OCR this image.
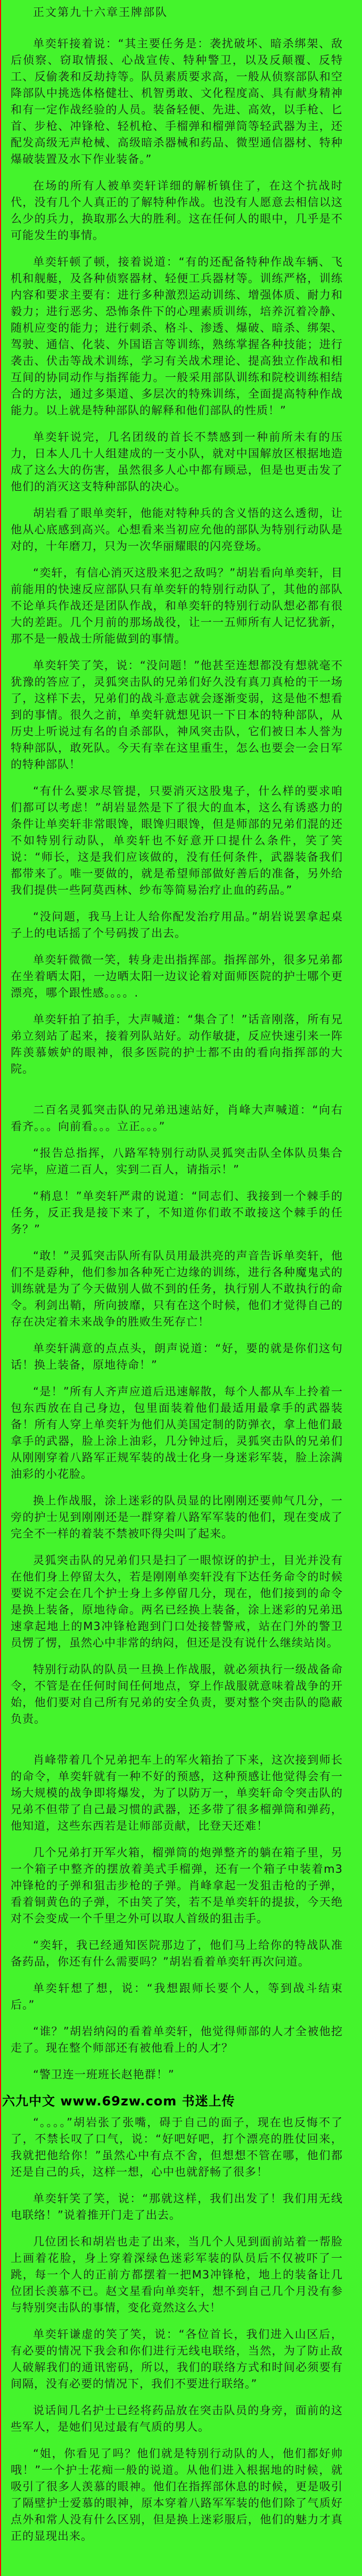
正文第九十六章王牌部队

单奕轩接着说：“其主要任务是：袭扰破坏、暗杀绑架、敌后侦察、窃取情报、心战宣传、特种警卫，以及反颠覆、反特工、反偷袭和反劫持等。队员素质要求高，一般从侦察部队和空降部队中挑选体格健壮、机智勇敢、文化程度高、具有献身精神和有一定作战经验的人员。装备轻便、先进、高效，以手枪、匕首、步枪、冲锋枪、轻机枪、手榴弹和榴弹筒等轻武器为主，还配发高级无声枪械、高级暗杀器械和药品、微型通信器材、特种爆破装置及水下作业装备。”

在场的所有人被单奕轩详细的解析镇住了，在这个抗战时代，没有几个人真正的了解特种作战。也没有人愿意去相信以这么少的兵力，换取那么大的胜利。这在任何人的眼中，几乎是不可能发生的事情。

单奕轩顿了顿，接着说道：“有的还配备特种作战车辆、飞机和舰艇，及各种侦察器材、轻便工兵器材等。训练严格，训练内容和要求主要有：进行多种激烈运动训练、增强体质、耐力和毅力；进行恶劣、恐怖条件下的心理素质训练，培养沉着冷静、随机应变的能力；进行刺杀、格斗、渗透、爆破、暗杀、绑架、驾驶、通信、化装、外国语言等训练，熟练掌握各种技能；进行袭击、伏击等战术训练，学习有关战术理论、提高独立作战和相互间的协同动作与指挥能力。一般采用部队训练和院校训练相结合的方法，通过多渠道、多层次的特殊训练，全面提高特种作战能力。以上就是特种部队的解释和他们部队的性质！”

单奕轩说完，几名团级的首长不禁感到一种前所未有的压力，日本人几十人组建成的一支小队，就对中国解放区根据地造成了这么大的伤害，虽然很多人心中都有顾忌，但是也更击发了他们的消灭这支特种部队的决心。

胡岩看了眼单奕轩，他能对特种兵的含义悟的这么透彻，让他从心底感到高兴。心想看来当初应允他的部队为特别行动队是对的，十年磨刀，只为一次华丽耀眼的闪亮登场。

“奕轩，有信心消灭这股来犯之敌吗？”胡岩看向单奕轩，目前能用的快速反应部队只有单奕轩的特别行动队了，其他的部队不论单兵作战还是团队作战，和单奕轩的特别行动队想必都有很大的差距。几个月前的那场战役，让一一五师所有人记忆犹新，那不是一般战士所能做到的事情。

单奕轩笑了笑，说：“没问题！”他甚至连想都没有想就毫不犹豫的答应了，灵狐突击队的兄弟们好久没有真刀真枪的干一场了，这样下去，兄弟们的战斗意志就会逐渐变弱，这是他不想看到的事情。很久之前，单奕轩就想见识一下日本的特种部队，从历史上听说过有名的自杀部队，神风突击队，它们被日本人誉为特种部队，敢死队。今天有幸在这里重生，怎么也要会一会日军的特种部队！

“有什么要求尽管提，只要消灭这股鬼子，什么样的要求咱们都可以考虑！”胡岩显然是下了很大的血本，这么有诱惑力的条件让单奕轩非常眼馋，眼馋归眼馋，但是师部的兄弟们混的还不如特别行动队，单奕轩也不好意开口提什么条件，笑了笑说：“师长，这是我们应该做的，没有任何条件，武器装备我们都带来了。唯一要做的，就是希望师部做好善后的准备，另外给我们提供一些阿莫西林、纱布等简易治疗止血的药品。”

“没问题，我马上让人给你配发治疗用品。”胡岩说罢拿起桌子上的电话摇了个号码拨了出去。

单奕轩微微一笑，转身走出指挥部。指挥部外，很多兄弟都在坐着晒太阳，一边晒太阳一边议论着对面师医院的护士哪个更漂亮，哪个跟性感。。。。.

单奕轩拍了拍手，大声喊道：“集合了！”话音刚落，所有兄弟立刻站了起来，接着列队站好。动作敏捷，反应快速引来一阵阵羡慕嫉妒的眼神，很多医院的护士都不由的看向指挥部的大院。

二百名灵狐突击队的兄弟迅速站好，肖峰大声喊道：“向右看齐。。。向前看。。。立正。。。”

“报告总指挥，八路军特别行动队灵狐突击队全体队员集合完毕，应道二百人，实到二百人，请指示！”

“稍息！”单奕轩严肃的说道：“同志们、我接到一个棘手的任务，反正我是接下来了，不知道你们敢不敢接这个棘手的任务？”

“敢！”灵狐突击队所有队员用最洪亮的声音告诉单奕轩，他们不是孬种，他们参加各种死亡边缘的训练，进行各种魔鬼式的训练就是为了今天做别人做不到的任务，执行别人不敢执行的命令。利剑出鞘，所向披靡，只有在这个时候，他们才觉得自己的存在决定着未来战争的胜败生死存亡！

单奕轩满意的点点头，朗声说道：“好，要的就是你们这句话！换上装备，原地待命！”

“是！”所有人齐声应道后迅速解散，每个人都从车上拎着一包东西放在自己身边，包里面装着他们最适用最拿手的武器装备！所有人穿上单奕轩为他们从美国定制的防弹衣，拿上他们最拿手的武器，脸上涂上油彩，几分钟过后，灵狐突击队的兄弟们从刚刚穿着八路军正规军装的战士化身一身迷彩军装，脸上涂满油彩的小花脸。

换上作战服，涂上迷彩的队员显的比刚刚还要帅气几分，一旁的护士见到刚刚还是一群穿着八路军军装的他们，现在变成了完全不一样的着装不禁被吓得尖叫了起来。

灵狐突击队的兄弟们只是扫了一眼惊讶的护士，目光并没有在他们身上停留太久，若是刚刚单奕轩没有下达任务命令的时候要说不定会在几个护士身上多停留几分，现在，他们接到的命令是换上装备，原地待命。两名已经换上装备，涂上迷彩的兄弟迅速拿起地上的M3冲锋枪跑到门口处接替警戒，站在门外的警卫员愣了愣，虽然心中非常的纳闷，但还是没有说什么继续站岗。

特别行动队的队员一旦换上作战服，就必须执行一级战备命令，不管是在任何时间任何地点，穿上作战服就意味着战争的开始，他们要对自己所有兄弟的安全负责，要对整个突击队的隐蔽负责。

肖峰带着几个兄弟把车上的军火箱抬了下来，这次接到师长的命令，单奕轩就有一种不好的预感，这种预感让他觉得会有一场大规模的战争即将爆发，为了以防万一，单奕轩命令突击队的兄弟不但带了自己最习惯的武器，还多带了很多榴弹筒和弹药，他知道，这些东西若是让师部贡献，比登天还难！

几个兄弟打开军火箱，榴弹筒的炮弹整齐的躺在箱子里，另一个箱子中整齐的摆放着美式手榴弹，还有一个箱子中装着m3冲锋枪的子弹和狙击步枪的子弹。肖峰拿起一发狙击枪的子弹，看着铜黄色的子弹，不由笑了笑，若不是单奕轩的提拔，今天绝对不会变成一个千里之外可以取人首级的狙击手。

“奕轩，我已经通知医院那边了，他们马上给你的特战队准备药品，你还有什么需要吗？”胡岩看着单奕轩再次问道。

单奕轩想了想，说：“我想跟师长要个人，等到战斗结束后。”

“谁？”胡岩纳闷的看着单奕轩，他觉得师部的人才全被他挖走了。现在整个师部还有被他看上的人才？

“警卫连一班班长赵艳群！”

六九中文 www.69zw.com 书迷上传

“。。。。”胡岩张了张嘴，碍于自己的面子，现在也反悔不了了，不禁长叹了口气，说：“好吧好吧，打个漂亮的胜仗回来，我就把他给你！”虽然心中有点不舍，但想想不管在哪，他们都还是自己的兵，这样一想，心中也就舒畅了很多！

单奕轩笑了笑，说：“那就这样，我们出发了！我们用无线电联络！”说着推开门走了出去。

几位团长和胡岩也走了出来，当几个人见到面前站着一帮脸上画着花脸，身上穿着深绿色迷彩军装的队员后不仅被吓了一跳，每一个人的正前方都摆着一把M3冲锋枪，地上的装备让几位团长羡慕不已。赵文星看向单奕轩，想不到自己几个月没有参与特别突击队的事情，变化竟然这么大！

单奕轩谦虚的笑了笑，说：“各位首长，我们进入山区后，有必要的情况下我会和你们进行无线电联络，当然，为了防止敌人破解我们的通讯密码，所以，我们的联络方式和时间必须要有间隔，没有必要的情况下，我们不要进行联络。”

说话间几名护士已经将药品放在突击队员的身旁，面前的这些军人，是她们见过最有气质的男人。

“姐，你看见了吗？他们就是特别行动队的人，他们都好帅哦！”一个护士花痴一般的说道。从他们进入根据地的时候，就吸引了很多人羡慕的眼神。他们在指挥部休息的时候，更是吸引了隔壁护士爱慕的眼神，原本穿着八路军军装的他们除了气质好点外和常人没有什么区别，但是换上迷彩服后，他们的魅力才真正的显现出来。
